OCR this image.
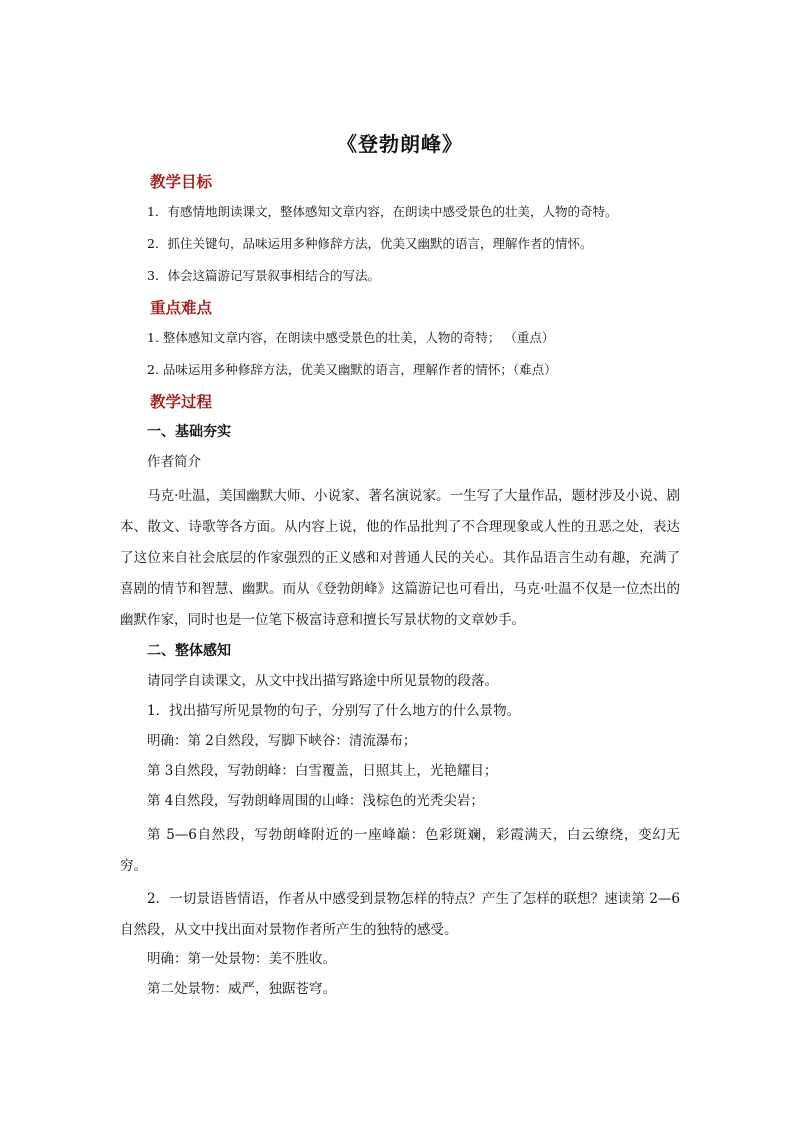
《登勃朗峰》
教学目标
1．有感情地朗读课文，整体感知文章内容，在朗读中感受景色的壮美，人物的奇特。
2．抓住关键句，品味运用多种修辞方法，优美又幽默的语言，理解作者的情怀。
3．体会这篇游记写景叙事相结合的写法。
重点难点
1. 整体感知文章内容，在朗读中感受景色的壮美，人物的奇特； （重点）
2. 品味运用多种修辞方法，优美又幽默的语言，理解作者的情怀；（难点）
教学过程
一、基础夯实
作者简介
马克·吐温，美国幽默大师、小说家、著名演说家。一生写了大量作品，题材涉及小说、剧本、散文、诗歌等各方面。从内容上说，他的作品批判了不合理现象或人性的丑恶之处，表达了这位来自社会底层的作家强烈的正义感和对普通人民的关心。其作品语言生动有趣，充满了喜剧的情节和智慧、幽默。而从《登勃朗峰》这篇游记也可看出，马克·吐温不仅是一位杰出的幽默作家，同时也是一位笔下极富诗意和擅长写景状物的文章妙手。
二、整体感知
请同学自读课文，从文中找出描写路途中所见景物的段落。
1．找出描写所见景物的句子，分别写了什么地方的什么景物。
明确：第 2自然段，写脚下峡谷：清流瀑布；
第 3自然段，写勃朗峰：白雪覆盖，日照其上，光艳耀目；
第 4自然段，写勃朗峰周围的山峰：浅棕色的光秃尖岩；
第 5—6自然段，写勃朗峰附近的一座峰巅：色彩斑斓，彩霞满天，白云缭绕，变幻无穷。
2．一切景语皆情语，作者从中感受到景物怎样的特点？产生了怎样的联想？速读第 2—6自然段，从文中找出面对景物作者所产生的独特的感受。
明确：第一处景物：美不胜收。
第二处景物：威严，独踞苍穹。
